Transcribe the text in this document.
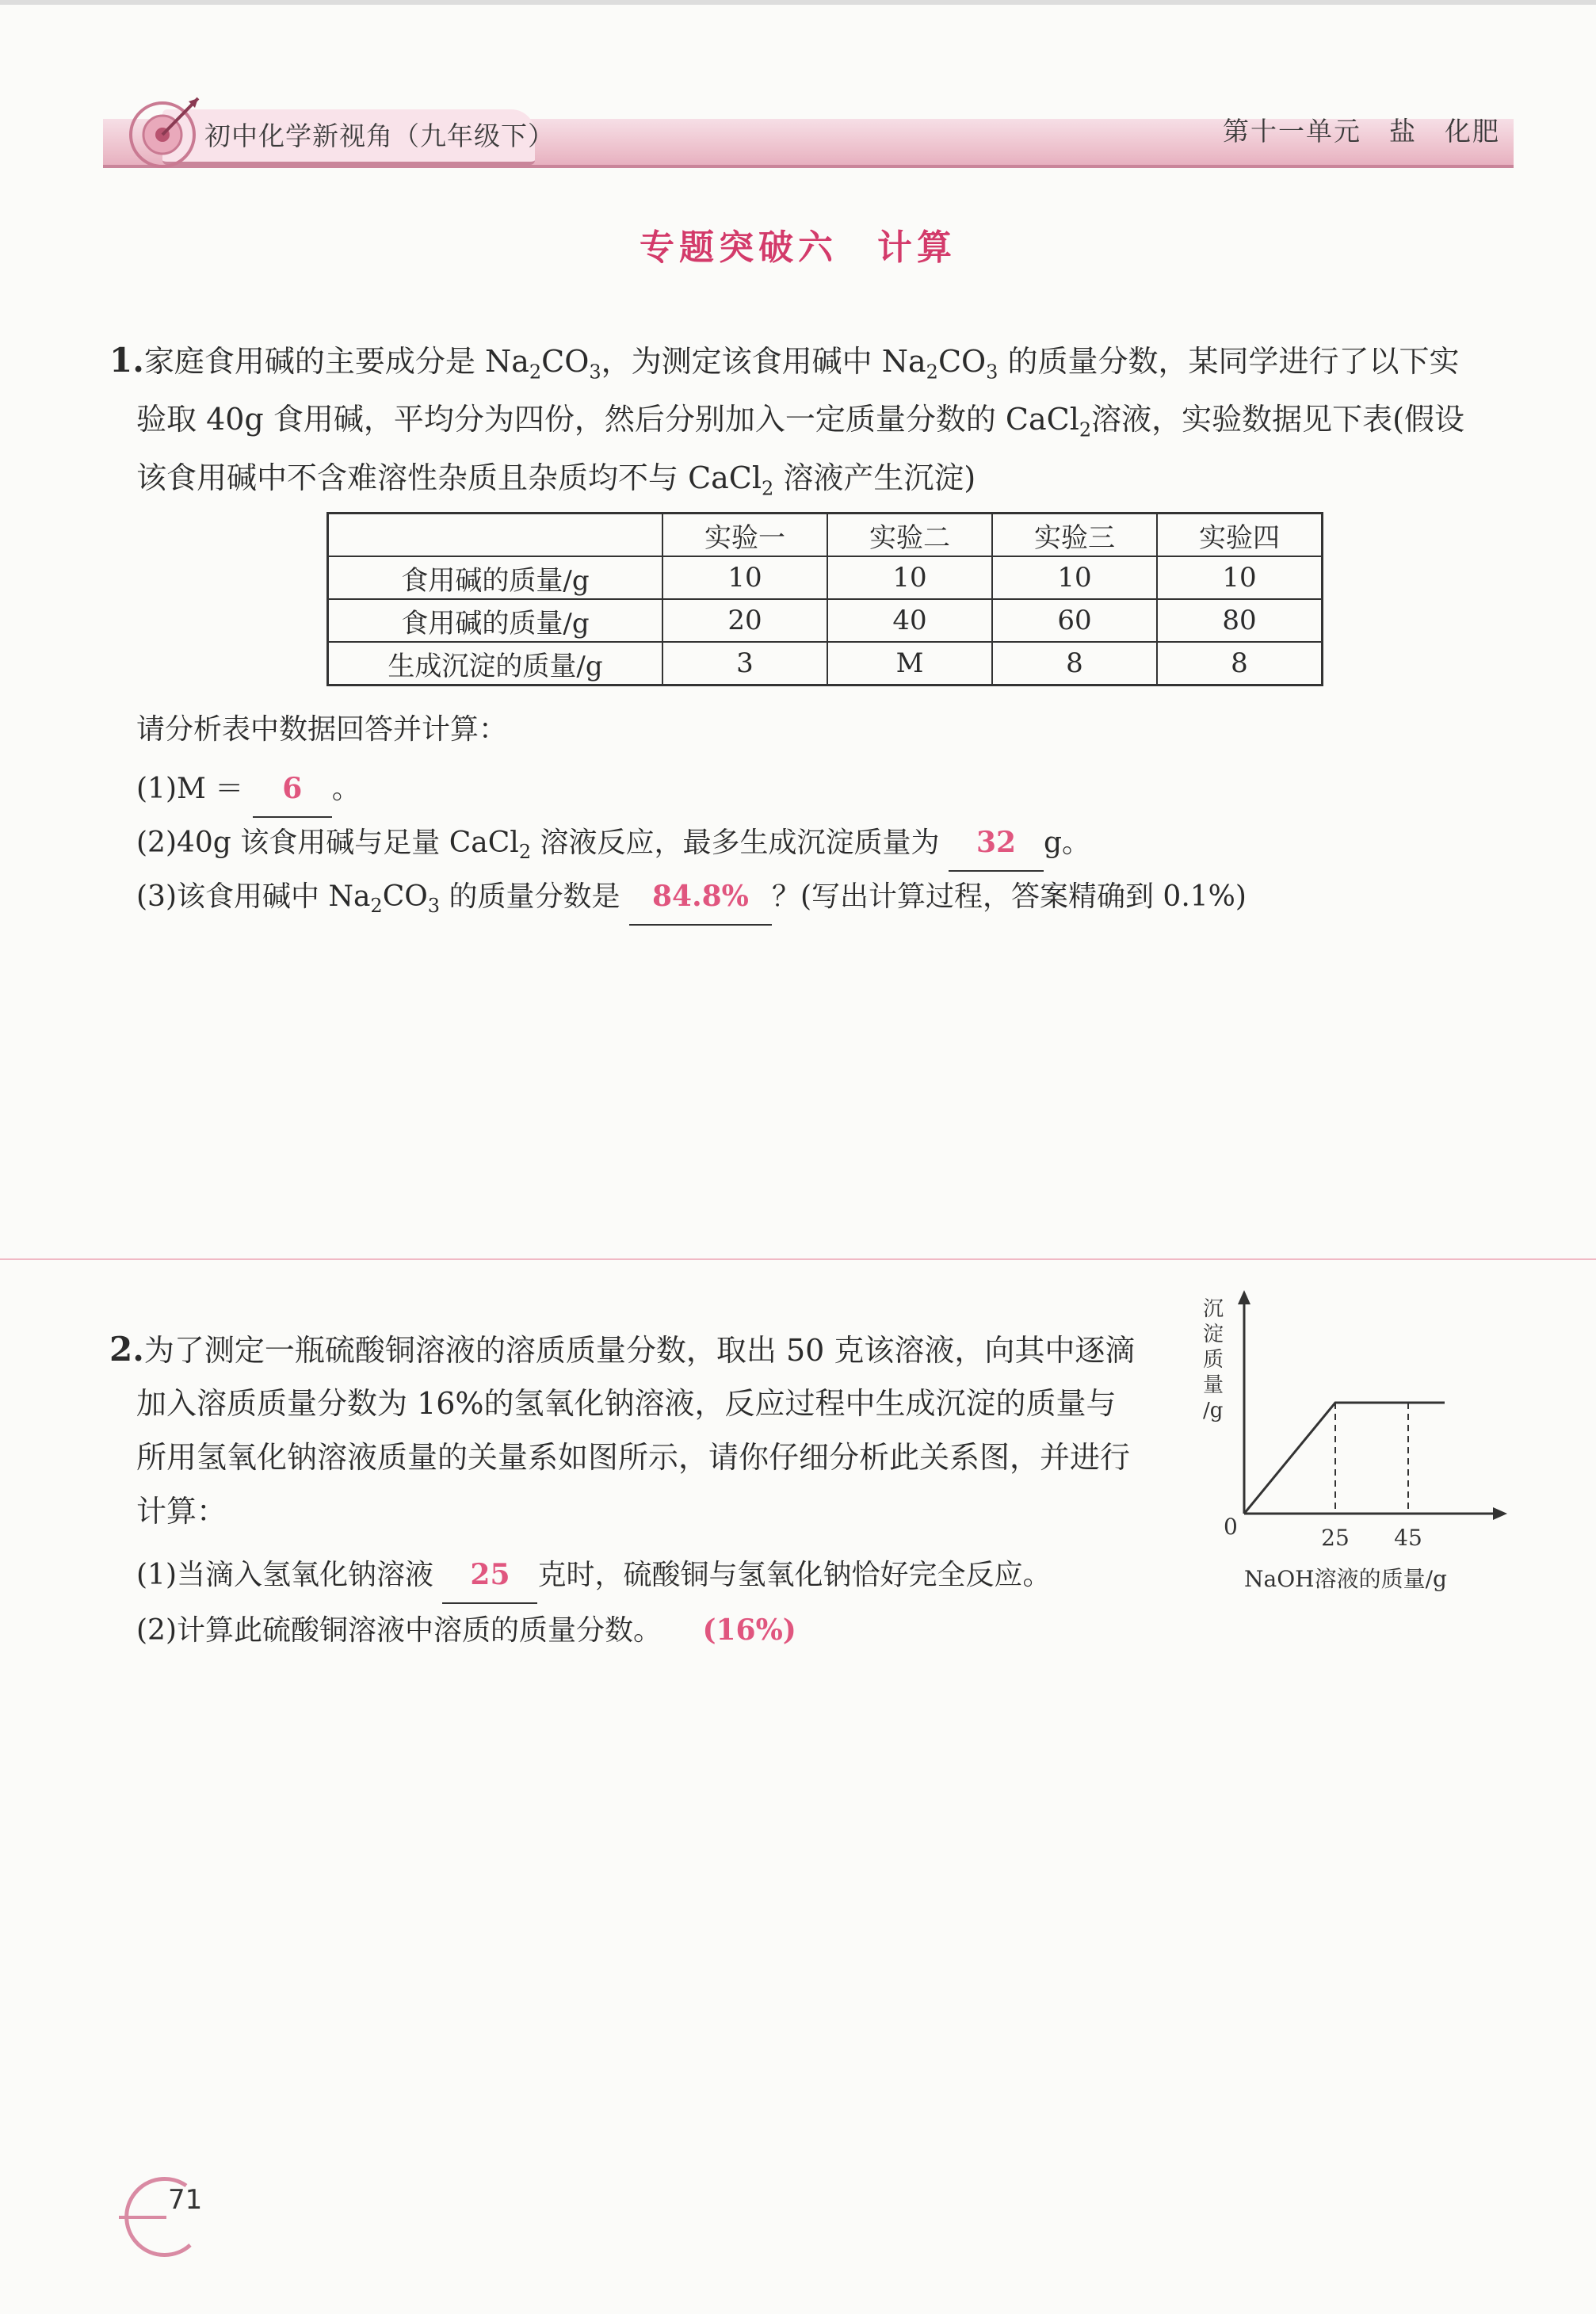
初中化学新视角（九年级下）	第十一单元　盐　化肥
专题突破六　计算
1.家庭食用碱的主要成分是 $Na_2CO_3$，为测定该食用碱中 $Na_2CO_3$ 的质量分数，某同学进行了以下实
验取 40g 食用碱，平均分为四份，然后分别加入一定质量分数的 CaCl$_2$溶液，实验数据见下表(假设
该食用碱中不含难溶性杂质且杂质均不与 CaCl$_2$ 溶液产生沉淀)
	实验一	实验二	实验三	实验四
食用碱的质量/g	10	10	10	10
食用碱的质量/g	20	40	60	80
生成沉淀的质量/g	3	M	8	8
请分析表中数据回答并计算：
(1)M ＝ 6 。
(2)40g 该食用碱与足量 CaCl$_2$ 溶液反应，最多生成沉淀质量为 32 g。
(3)该食用碱中 $Na_2CO_3$ 的质量分数是 84.8% ？(写出计算过程，答案精确到 0.1%)
2.为了测定一瓶硫酸铜溶液的溶质质量分数，取出 50 克该溶液，向其中逐滴
加入溶质质量分数为 16%的氢氧化钠溶液，反应过程中生成沉淀的质量与
所用氢氧化钠溶液质量的关量系如图所示，请你仔细分析此关系图，并进行
计算：
(1)当滴入氢氧化钠溶液 25 克时，硫酸铜与氢氧化钠恰好完全反应。
(2)计算此硫酸铜溶液中溶质的质量分数。 (16%)
沉
淀
质
量
/g
0	25 45
NaOH溶液的质量/g
71
